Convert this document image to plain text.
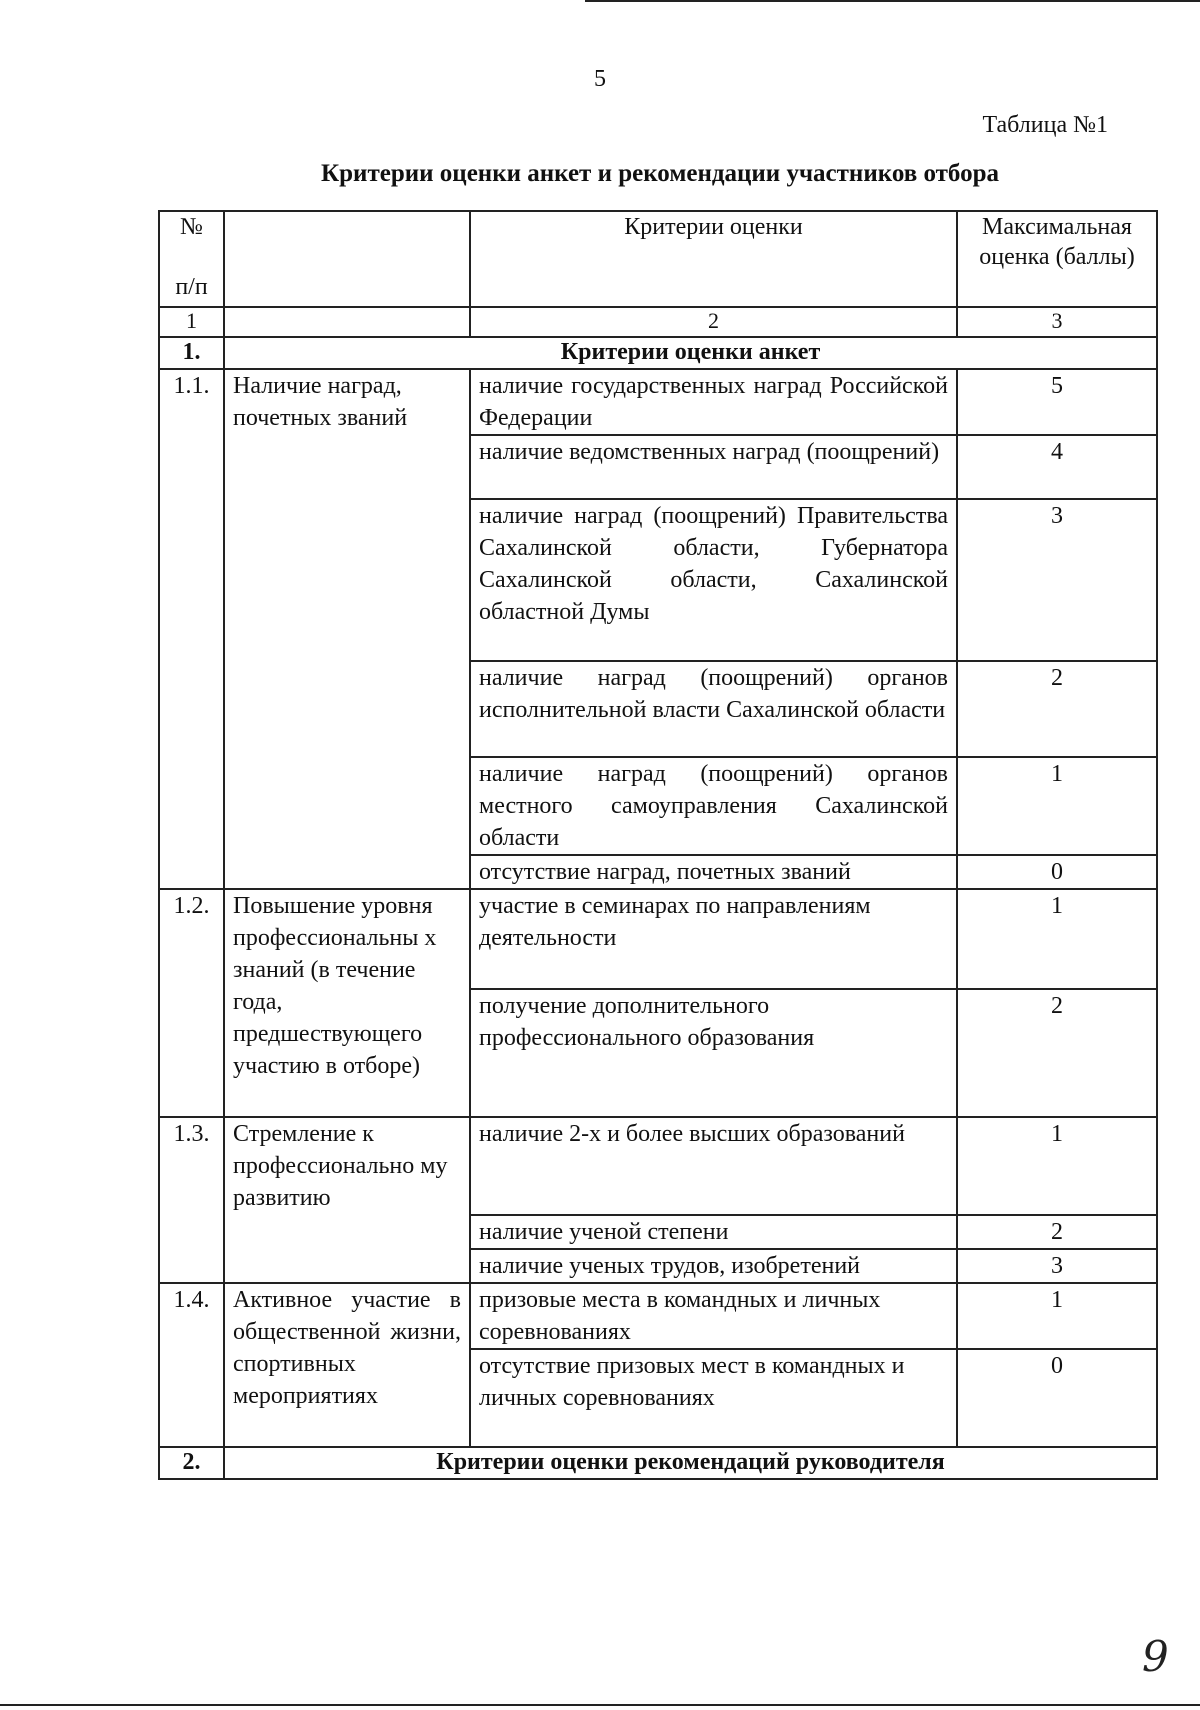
5
Таблица №1
Критерии оценки анкет и рекомендации участников отбора
№

п/п		Критерии оценки	Максимальная оценка (баллы)
1		2	3
1.	Критерии оценки анкет		
1.1.	Наличие наград, почетных званий	наличие государственных наград Российской Федерации	5
		наличие ведомственных наград (поощрений)	4
		наличие наград (поощрений) Правительства Сахалинской области, Губернатора Сахалинской области, Сахалинской областной Думы	3
		наличие наград (поощрений) органов исполнительной власти Сахалинской области	2
		наличие наград (поощрений) органов местного самоуправления Сахалинской области	1
		отсутствие наград, почетных званий	0
1.2.	Повышение уровня профессиональны х знаний (в течение года, предшествующего участию в отборе)	участие в семинарах по направлениям деятельности	1
		получение дополнительного профессионального образования	2
1.3.	Стремление к профессионально му развитию	наличие 2-х и более высших образований	1
		наличие ученой степени	2
		наличие ученых трудов, изобретений	3
1.4.	Активное участие в общественной жизни, спортивных мероприятиях	призовые места в командных и личных соревнованиях	1
		отсутствие призовых мест в командных и личных соревнованиях	0
2.	Критерии оценки рекомендаций руководителя		
9
